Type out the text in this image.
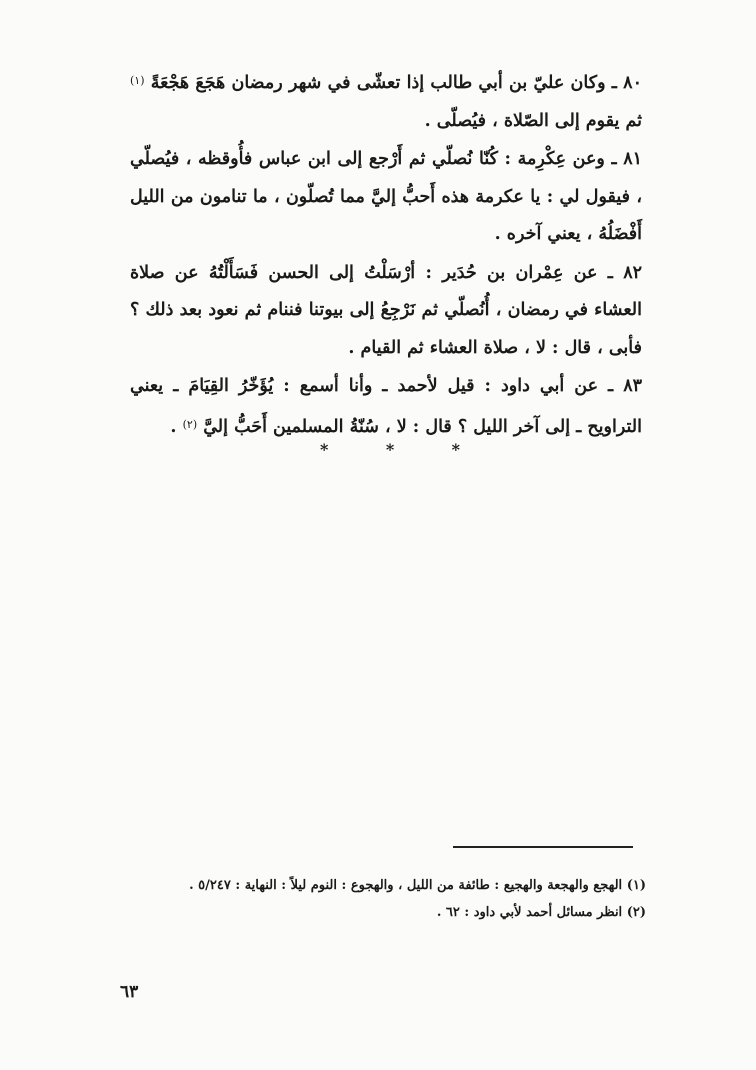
٨٠ ـ وكان عليّ بن أبي طالب إذا تعشّى في شهر رمضان هَجَعَ هَجْعَةً $^{(١)}$ ثم يقوم إلى الصّلاة ، فيُصلّى .

٨١ ـ وعن عِكْرِمة : كُنّا نُصلّي ثم أَرْجع إلى ابن عباس فأُوقظه ، فيُصلّي ، فيقول لي : يا عكرمة هذه أَحبُّ إليَّ مما تُصلّون ، ما تنامون من الليل أَفْضَلُهُ ، يعني آخره .

٨٢ ـ عن عِمْران بن حُدَير : أرْسَلْتُ إلى الحسن فَسَأَلْتُهُ عن صلاة العشاء في رمضان ، أُنُصلّي ثم نَرْجِعُ إلى بيوتنا فننام ثم نعود بعد ذلك ؟ فأبى ، قال : لا ، صلاة العشاء ثم القيام .

٨٣ ـ عن أبي داود : قيل لأحمد ـ وأنا أسمع : يُؤَخّرُ القِيَامَ ـ يعني التراويح ـ إلى آخر الليل ؟ قال : لا ، سُنّةُ المسلمين أَحَبُّ إليَّ $^{(٢)}$ .

*	*	*

(١) الهجع والهجعة والهجيع : طائفة من الليل ، والهجوع : النوم ليلاً : النهاية : ٥/٢٤٧ .

(٢) انظر مسائل أحمد لأبي داود : ٦٢ .

٦٣
